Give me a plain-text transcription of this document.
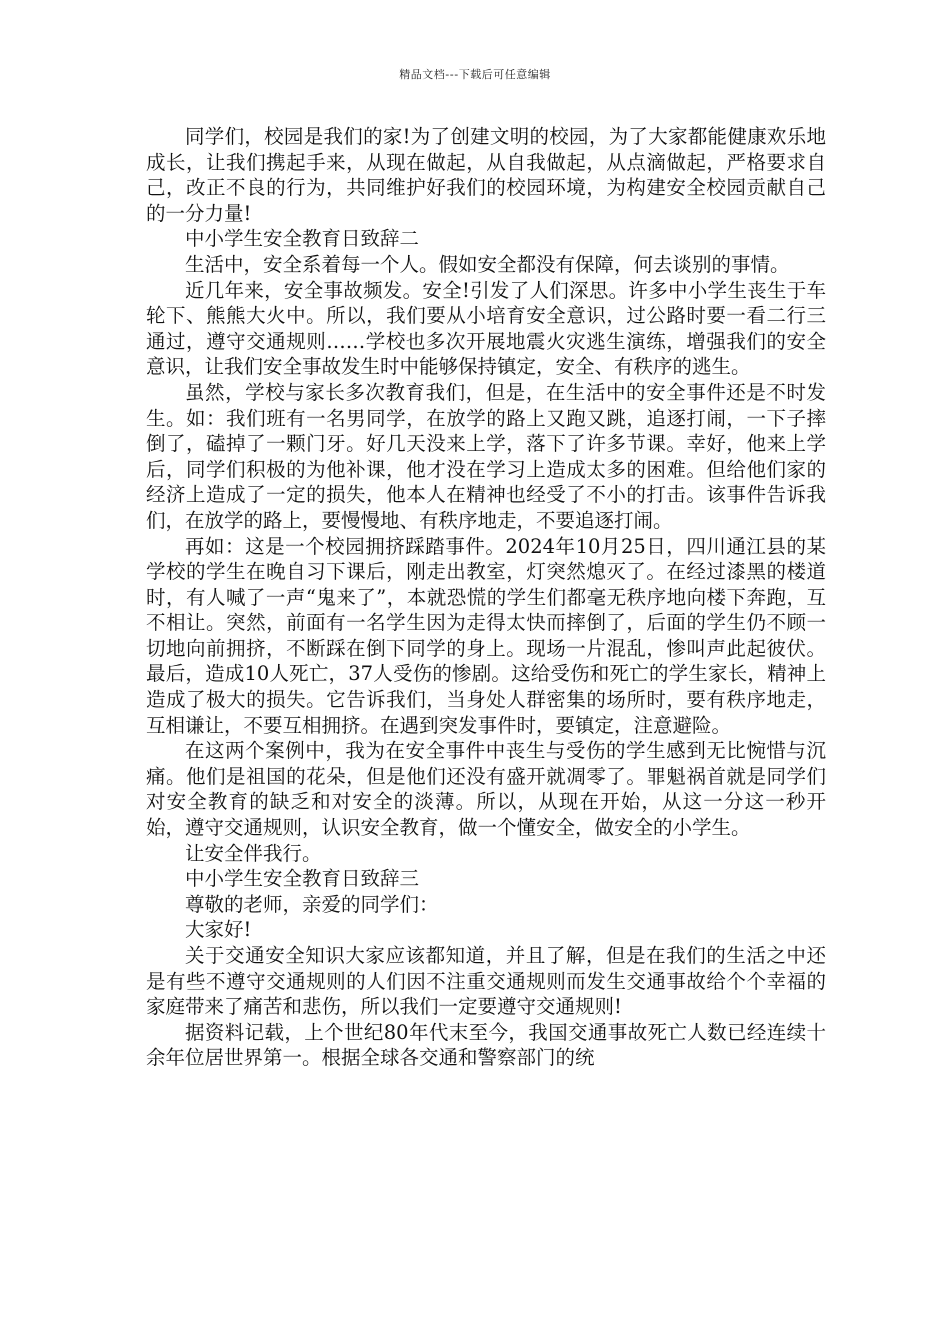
精品文档---下载后可任意编辑

同学们，校园是我们的家!为了创建文明的校园，为了大家都能健康欢乐地成长，让我们携起手来，从现在做起，从自我做起，从点滴做起，严格要求自己，改正不良的行为，共同维护好我们的校园环境，为构建安全校园贡献自己的一分力量!

中小学生安全教育日致辞二

生活中，安全系着每一个人。假如安全都没有保障，何去谈别的事情。

近几年来，安全事故频发。安全!引发了人们深思。许多中小学生丧生于车轮下、熊熊大火中。所以，我们要从小培育安全意识，过公路时要一看二行三通过，遵守交通规则……学校也多次开展地震火灾逃生演练，增强我们的安全意识，让我们安全事故发生时中能够保持镇定，安全、有秩序的逃生。

虽然，学校与家长多次教育我们，但是，在生活中的安全事件还是不时发生。如：我们班有一名男同学，在放学的路上又跑又跳，追逐打闹，一下子摔倒了，磕掉了一颗门牙。好几天没来上学，落下了许多节课。幸好，他来上学后，同学们积极的为他补课，他才没在学习上造成太多的困难。但给他们家的经济上造成了一定的损失，他本人在精神也经受了不小的打击。该事件告诉我们，在放学的路上，要慢慢地、有秩序地走，不要追逐打闹。

再如：这是一个校园拥挤踩踏事件。2024年10月25日，四川通江县的某学校的学生在晚自习下课后，刚走出教室，灯突然熄灭了。在经过漆黑的楼道时，有人喊了一声“鬼来了”，本就恐慌的学生们都毫无秩序地向楼下奔跑，互不相让。突然，前面有一名学生因为走得太快而摔倒了，后面的学生仍不顾一切地向前拥挤，不断踩在倒下同学的身上。现场一片混乱，惨叫声此起彼伏。最后，造成10人死亡，37人受伤的惨剧。这给受伤和死亡的学生家长，精神上造成了极大的损失。它告诉我们，当身处人群密集的场所时，要有秩序地走，互相谦让，不要互相拥挤。在遇到突发事件时，要镇定，注意避险。

在这两个案例中，我为在安全事件中丧生与受伤的学生感到无比惋惜与沉痛。他们是祖国的花朵，但是他们还没有盛开就凋零了。罪魁祸首就是同学们对安全教育的缺乏和对安全的淡薄。所以，从现在开始，从这一分这一秒开始，遵守交通规则，认识安全教育，做一个懂安全，做安全的小学生。

让安全伴我行。

中小学生安全教育日致辞三

尊敬的老师，亲爱的同学们：

大家好!

关于交通安全知识大家应该都知道，并且了解，但是在我们的生活之中还是有些不遵守交通规则的人们因不注重交通规则而发生交通事故给个个幸福的家庭带来了痛苦和悲伤，所以我们一定要遵守交通规则!

据资料记载，上个世纪80年代末至今，我国交通事故死亡人数已经连续十余年位居世界第一。根据全球各交通和警察部门的统
